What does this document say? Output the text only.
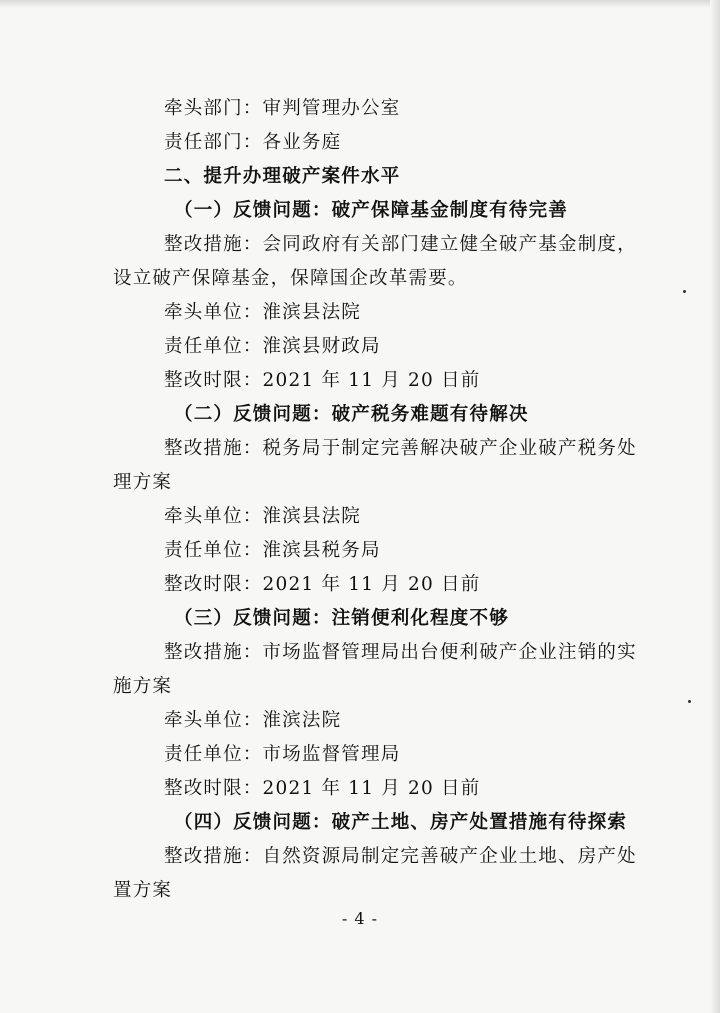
牵头部门：审判管理办公室
责任部门：各业务庭
二、提升办理破产案件水平
（一）反馈问题：破产保障基金制度有待完善
整改措施：会同政府有关部门建立健全破产基金制度，
设立破产保障基金，保障国企改革需要。
牵头单位：淮滨县法院
责任单位：淮滨县财政局
整改时限：2021 年 11 月 20 日前
（二）反馈问题：破产税务难题有待解决
整改措施：税务局于制定完善解决破产企业破产税务处
理方案
牵头单位：淮滨县法院
责任单位：淮滨县税务局
整改时限：2021 年 11 月 20 日前
（三）反馈问题：注销便利化程度不够
整改措施：市场监督管理局出台便利破产企业注销的实
施方案
牵头单位：淮滨法院
责任单位：市场监督管理局
整改时限：2021 年 11 月 20 日前
（四）反馈问题：破产土地、房产处置措施有待探索
整改措施：自然资源局制定完善破产企业土地、房产处
置方案
- 4 -
